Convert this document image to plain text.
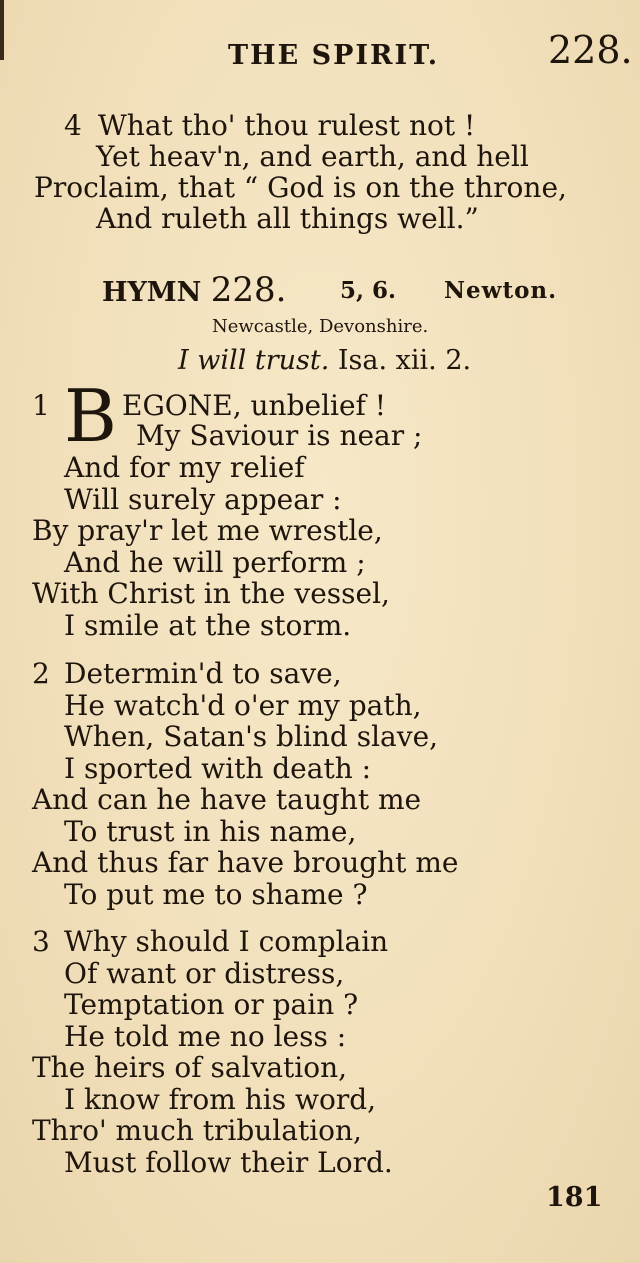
THE SPIRIT.	228.
4 What tho' thou rulest not !
Yet heav'n, and earth, and hell
Proclaim, that “ God is on the throne,
And ruleth all things well.”
HYMN 228. 5, 6. Newton.
Newcastle, Devonshire.
I will trust. Isa. xii. 2.
1 B EGONE, unbelief !
My Saviour is near ;
And for my relief
Will surely appear :
By pray'r let me wrestle,
And he will perform ;
With Christ in the vessel,
I smile at the storm.
2 Determin'd to save,
He watch'd o'er my path,
When, Satan's blind slave,
I sported with death :
And can he have taught me
To trust in his name,
And thus far have brought me
To put me to shame ?
3 Why should I complain
Of want or distress,
Temptation or pain ?
He told me no less :
The heirs of salvation,
I know from his word,
Thro' much tribulation,
Must follow their Lord.
181
